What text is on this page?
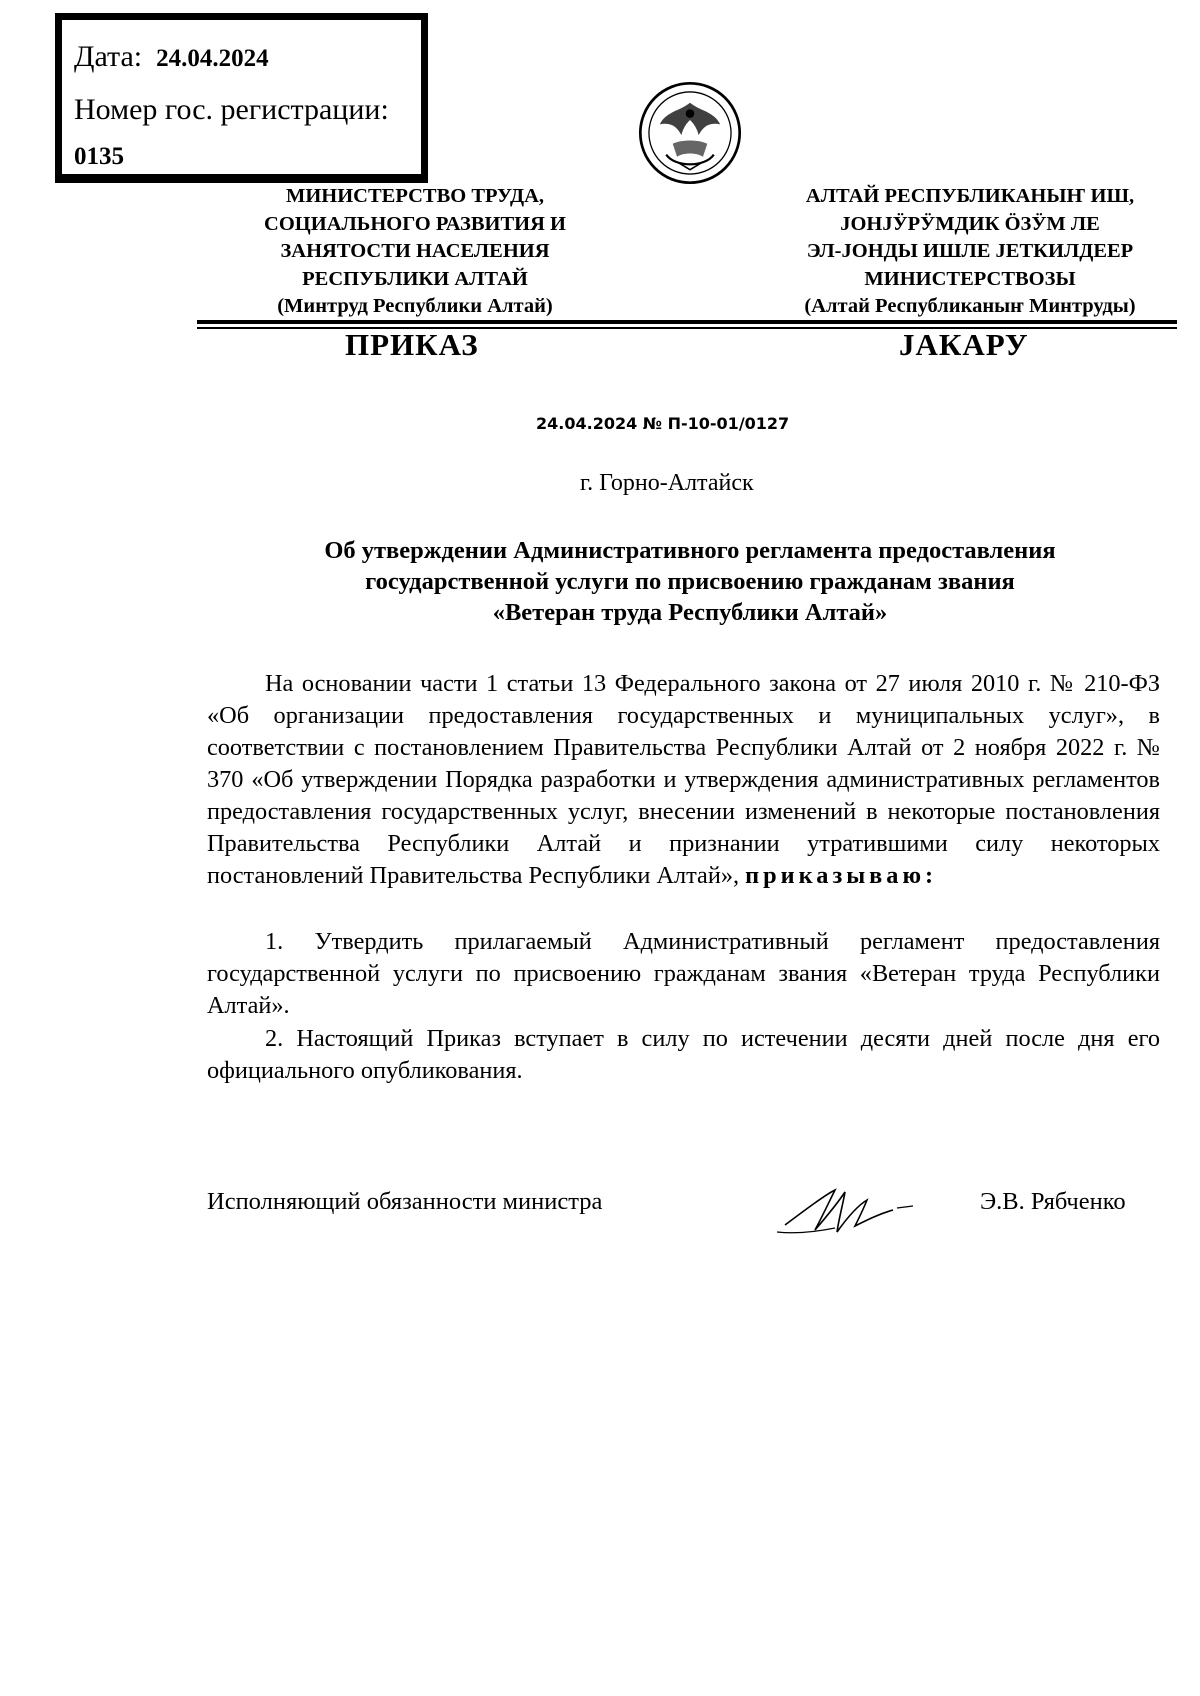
Дата: 24.04.2024
Номер гос. регистрации:
0135
МИНИСТЕРСТВО ТРУДА,
СОЦИАЛЬНОГО РАЗВИТИЯ И
ЗАНЯТОСТИ НАСЕЛЕНИЯ
РЕСПУБЛИКИ АЛТАЙ
(Минтруд Республики Алтай)
АЛТАЙ РЕСПУБЛИКАНЫҤ ИШ,
ЈОНЈӰРӰМДИК ӦЗӰМ ЛЕ
ЭЛ-ЈОНДЫ ИШЛЕ ЈЕТКИЛДЕЕР
МИНИСТЕРСТВОЗЫ
(Алтай Республиканыҥ Минтруды)
ПРИКАЗ	ЈАКАРУ
24.04.2024 № П-10-01/0127
г. Горно-Алтайск
Об утверждении Административного регламента предоставления
государственной услуги по присвоению гражданам звания
«Ветеран труда Республики Алтай»
На основании части 1 статьи 13 Федерального закона от 27 июля 2010 г. № 210-ФЗ «Об организации предоставления государственных и муниципальных услуг», в соответствии с постановлением Правительства Республики Алтай от 2 ноября 2022 г. № 370 «Об утверждении Порядка разработки и утверждения административных регламентов предоставления государственных услуг, внесении изменений в некоторые постановления Правительства Республики Алтай и признании утратившими силу некоторых постановлений Правительства Республики Алтай», приказываю:
1. Утвердить прилагаемый Административный регламент предоставления государственной услуги по присвоению гражданам звания «Ветеран труда Республики Алтай».
2. Настоящий Приказ вступает в силу по истечении десяти дней после дня его официального опубликования.
Исполняющий обязанности министра	Э.В. Рябченко
